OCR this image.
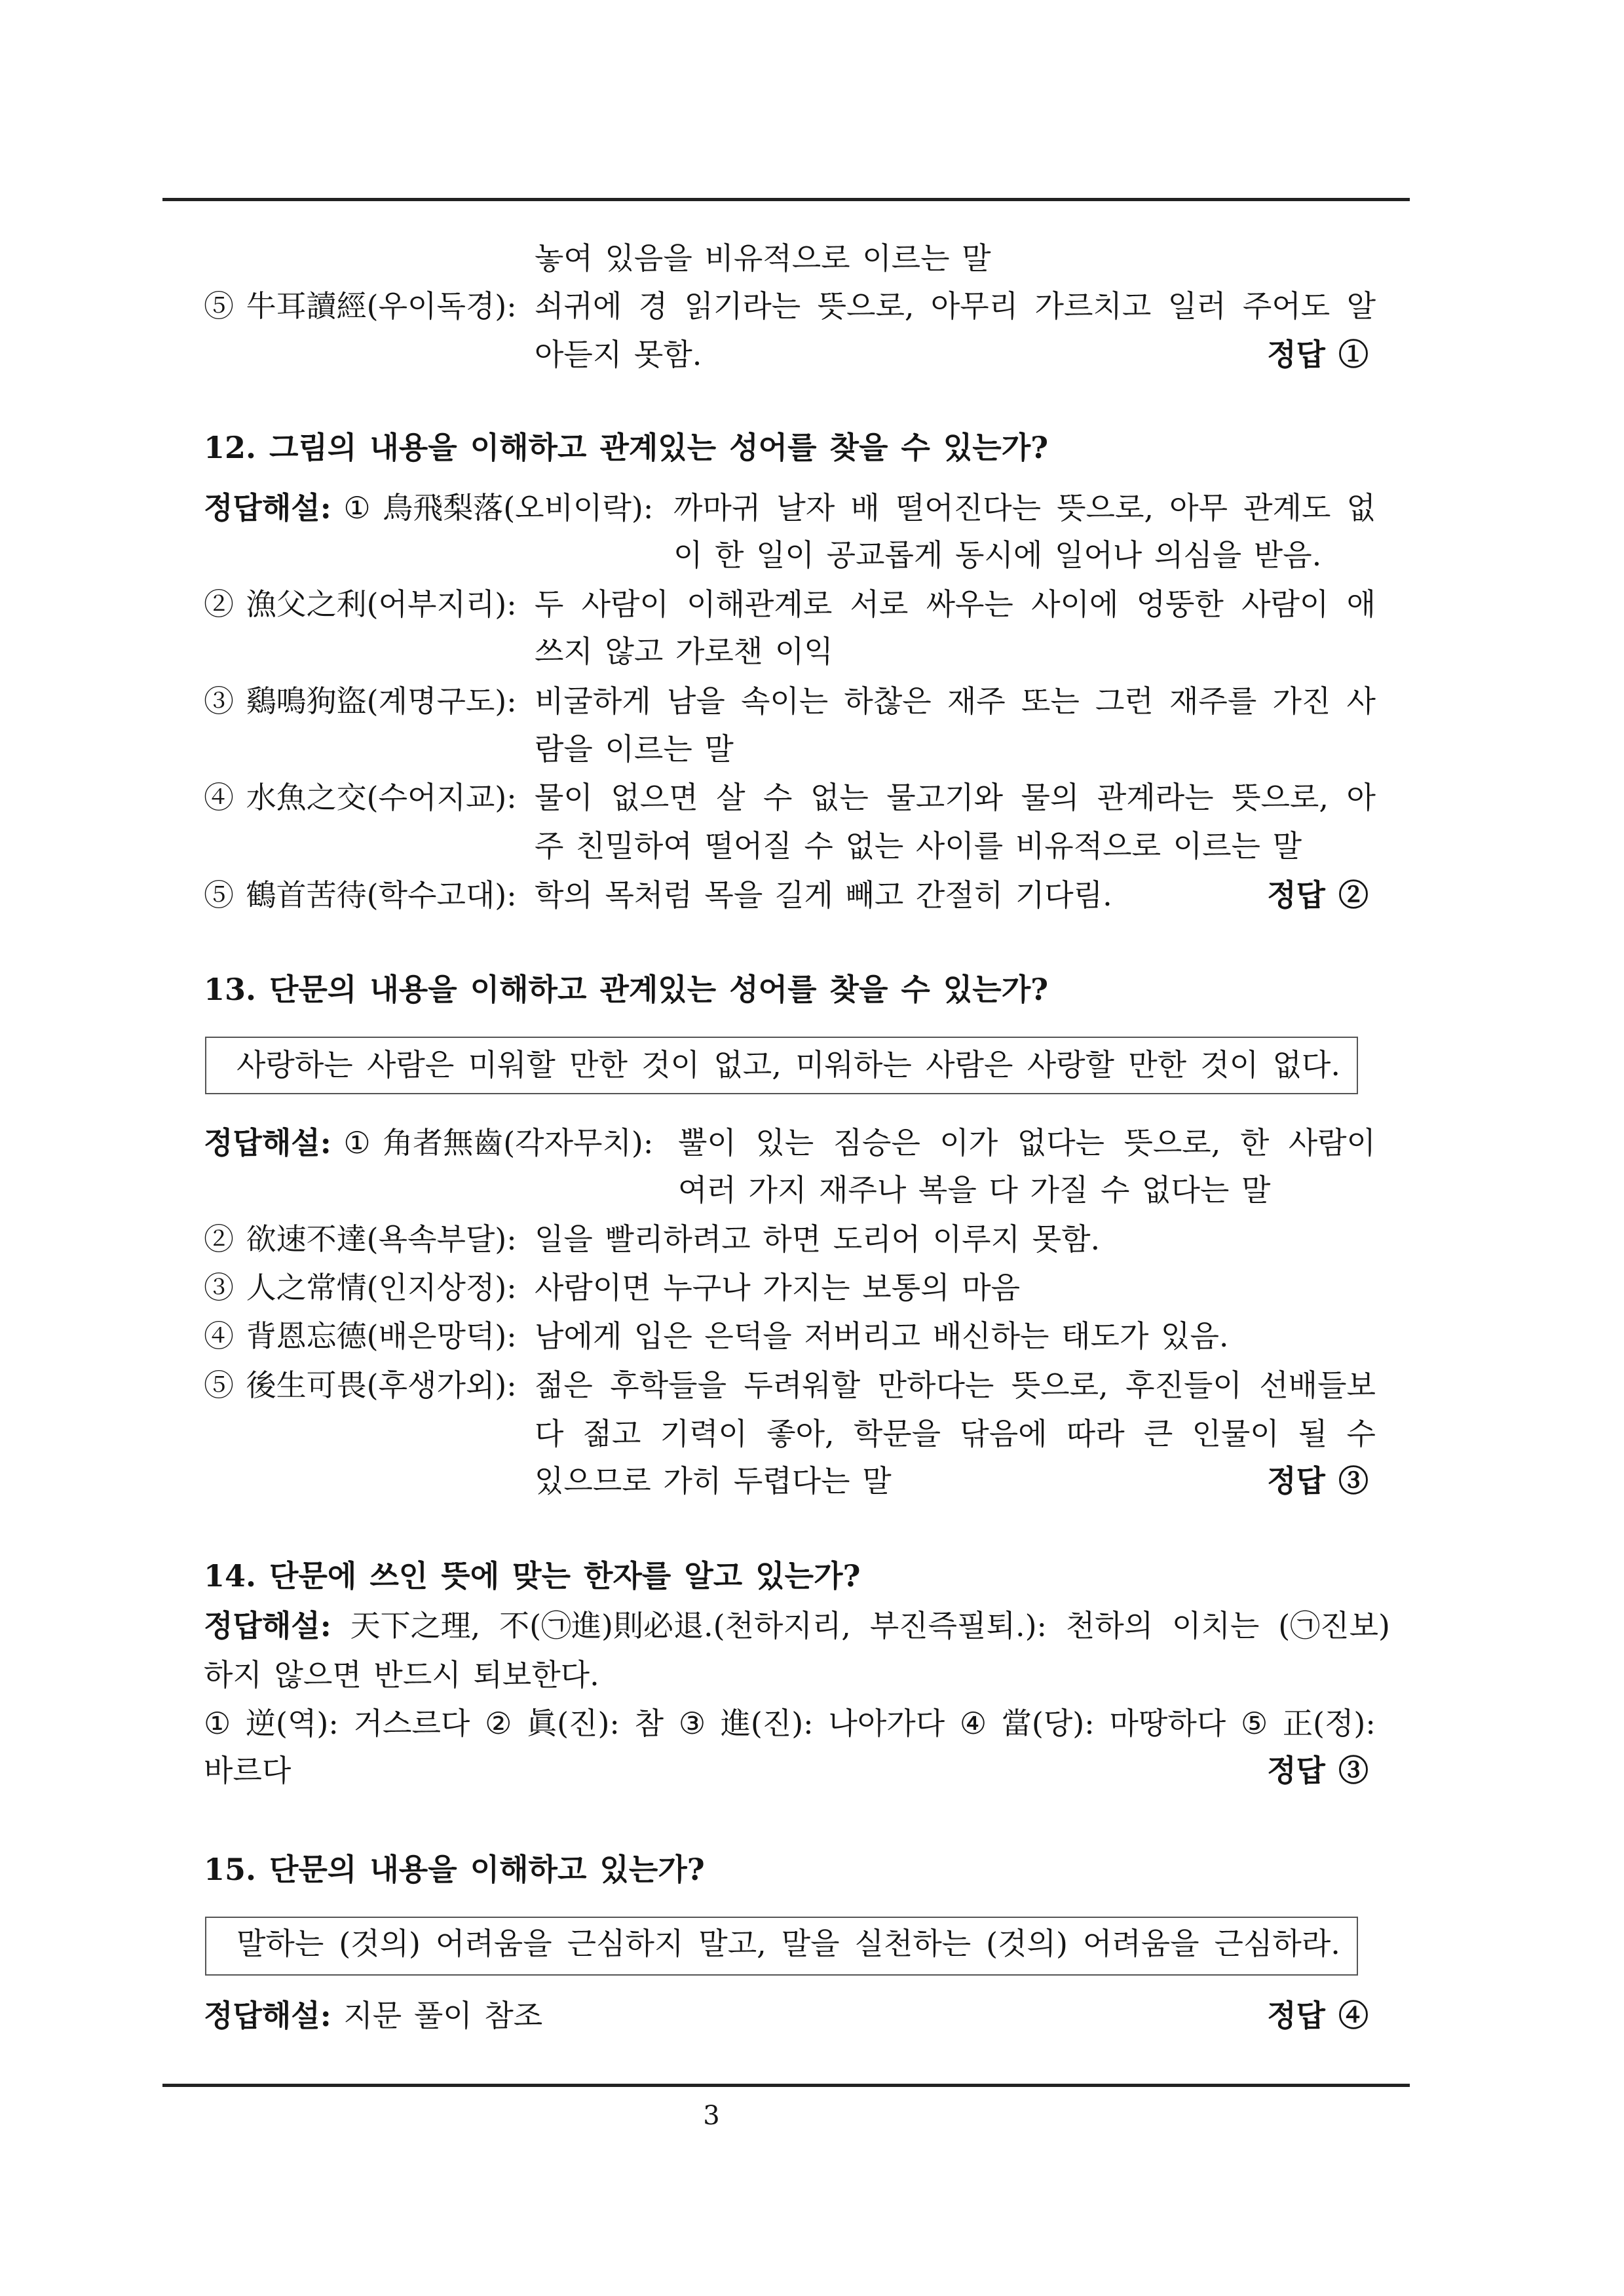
놓여 있음을 비유적으로 이르는 말
⑤ 牛耳讀經(우이독경): 쇠귀에 경 읽기라는 뜻으로, 아무리 가르치고 일러 주어도 알
아듣지 못함.	정답 ①
12. 그림의 내용을 이해하고 관계있는 성어를 찾을 수 있는가?
정답해설: ① 鳥飛梨落(오비이락): 까마귀 날자 배 떨어진다는 뜻으로, 아무 관계도 없
이 한 일이 공교롭게 동시에 일어나 의심을 받음.
② 漁父之利(어부지리): 두 사람이 이해관계로 서로 싸우는 사이에 엉뚱한 사람이 애
쓰지 않고 가로챈 이익
③ 鷄鳴狗盜(계명구도): 비굴하게 남을 속이는 하찮은 재주 또는 그런 재주를 가진 사
람을 이르는 말
④ 水魚之交(수어지교): 물이 없으면 살 수 없는 물고기와 물의 관계라는 뜻으로, 아
주 친밀하여 떨어질 수 없는 사이를 비유적으로 이르는 말
⑤ 鶴首苦待(학수고대): 학의 목처럼 목을 길게 빼고 간절히 기다림.	정답 ②
13. 단문의 내용을 이해하고 관계있는 성어를 찾을 수 있는가?
사랑하는 사람은 미워할 만한 것이 없고, 미워하는 사람은 사랑할 만한 것이 없다.
정답해설: ① 角者無齒(각자무치): 뿔이 있는 짐승은 이가 없다는 뜻으로, 한 사람이
여러 가지 재주나 복을 다 가질 수 없다는 말
② 欲速不達(욕속부달): 일을 빨리하려고 하면 도리어 이루지 못함.
③ 人之常情(인지상정): 사람이면 누구나 가지는 보통의 마음
④ 背恩忘德(배은망덕): 남에게 입은 은덕을 저버리고 배신하는 태도가 있음.
⑤ 後生可畏(후생가외): 젊은 후학들을 두려워할 만하다는 뜻으로, 후진들이 선배들보
다 젊고 기력이 좋아, 학문을 닦음에 따라 큰 인물이 될 수
있으므로 가히 두렵다는 말	정답 ③
14. 단문에 쓰인 뜻에 맞는 한자를 알고 있는가?
정답해설: 天下之理, 不(㉠進)則必退.(천하지리, 부진즉필퇴.): 천하의 이치는 (㉠진보)
하지 않으면 반드시 퇴보한다.
① 逆(역): 거스르다 ② 眞(진): 참 ③ 進(진): 나아가다 ④ 當(당): 마땅하다 ⑤ 正(정):
바르다	정답 ③
15. 단문의 내용을 이해하고 있는가?
말하는 (것의) 어려움을 근심하지 말고, 말을 실천하는 (것의) 어려움을 근심하라.
정답해설: 지문 풀이 참조	정답 ④
3
